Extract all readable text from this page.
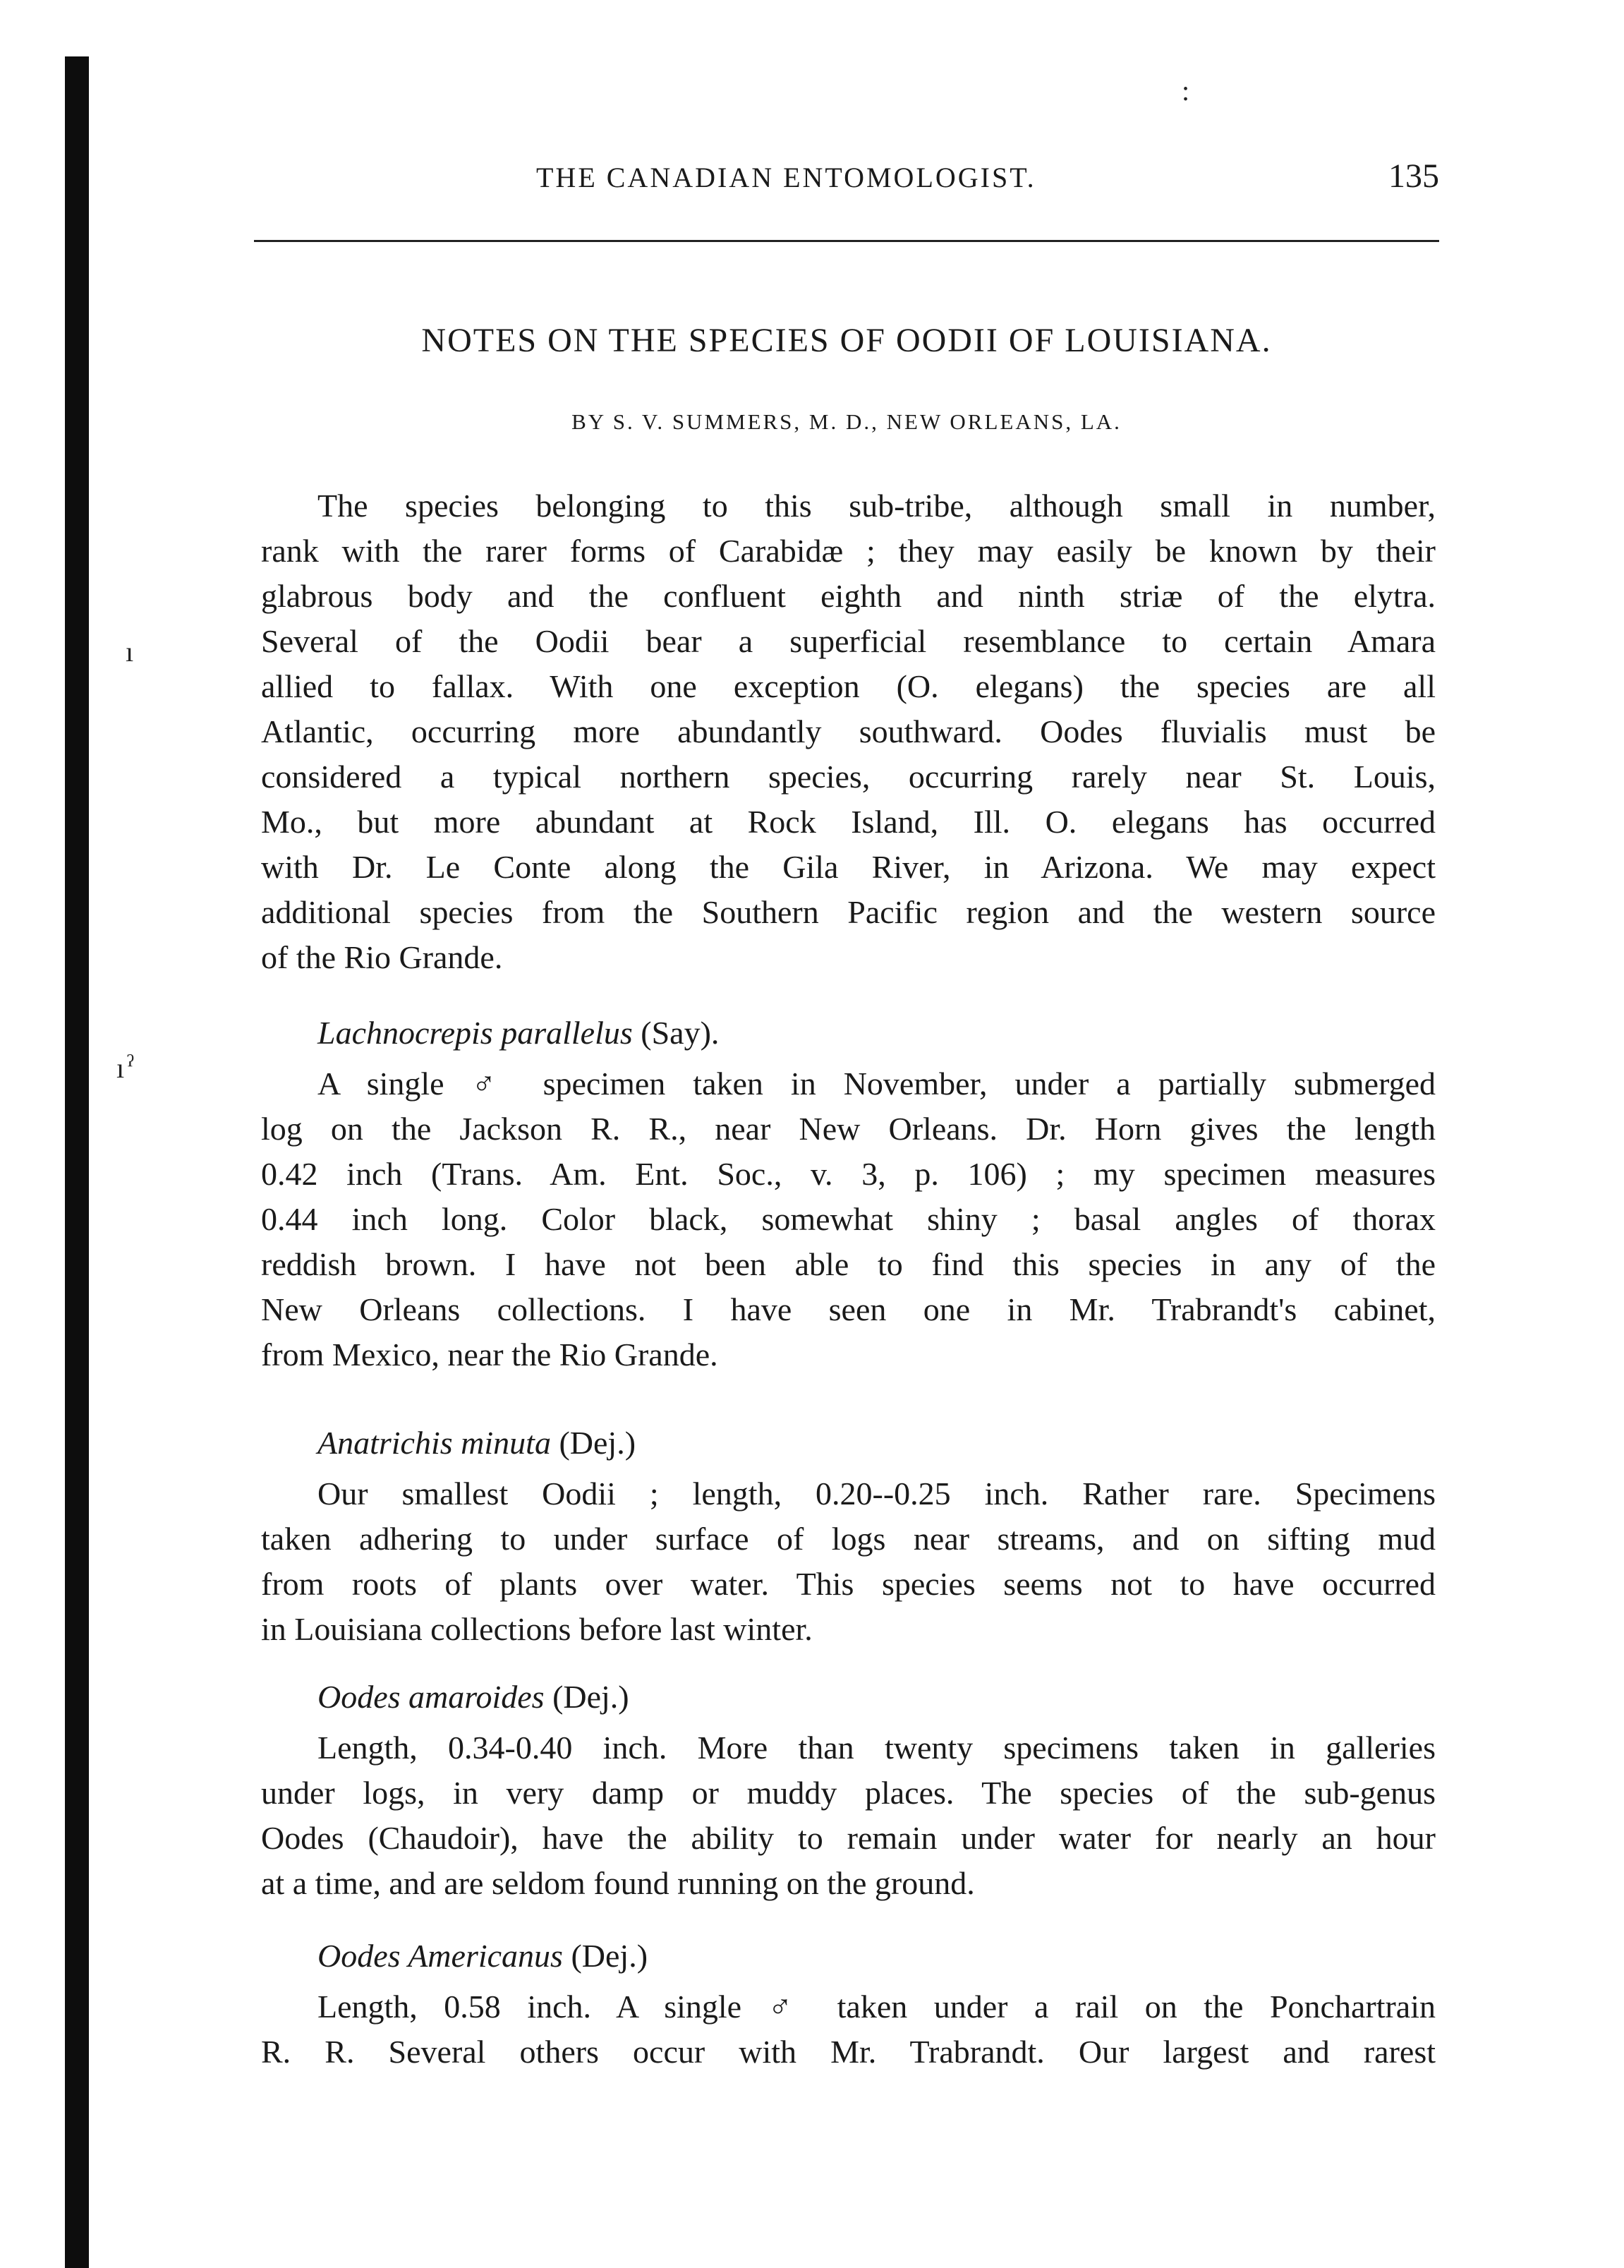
:
ı
ı ˀ
THE CANADIAN ENTOMOLOGIST.	135
NOTES ON THE SPECIES OF OODII OF LOUISIANA.
BY S. V. SUMMERS, M. D., NEW ORLEANS, LA.
The species belonging to this sub-tribe, although small in number,
rank with the rarer forms of Carabidæ ; they may easily be known by their
glabrous body and the confluent eighth and ninth striæ of the elytra.
Several of the Oodii bear a superficial resemblance to certain Amara
allied to fallax. With one exception (O. elegans) the species are all
Atlantic, occurring more abundantly southward. Oodes fluvialis must be
considered a typical northern species, occurring rarely near St. Louis,
Mo., but more abundant at Rock Island, Ill. O. elegans has occurred
with Dr. Le Conte along the Gila River, in Arizona. We may expect
additional species from the Southern Pacific region and the western source
of the Rio Grande.
Lachnocrepis parallelus (Say).
A single ♂ specimen taken in November, under a partially submerged
log on the Jackson R. R., near New Orleans. Dr. Horn gives the length
0.42 inch (Trans. Am. Ent. Soc., v. 3, p. 106) ; my specimen measures
0.44 inch long. Color black, somewhat shiny ; basal angles of thorax
reddish brown. I have not been able to find this species in any of the
New Orleans collections. I have seen one in Mr. Trabrandt's cabinet,
from Mexico, near the Rio Grande.
Anatrichis minuta (Dej.)
Our smallest Oodii ; length, 0.20--0.25 inch. Rather rare. Specimens
taken adhering to under surface of logs near streams, and on sifting mud
from roots of plants over water. This species seems not to have occurred
in Louisiana collections before last winter.
Oodes amaroides (Dej.)
Length, 0.34-0.40 inch. More than twenty specimens taken in galleries
under logs, in very damp or muddy places. The species of the sub-genus
Oodes (Chaudoir), have the ability to remain under water for nearly an hour
at a time, and are seldom found running on the ground.
Oodes Americanus (Dej.)
Length, 0.58 inch. A single ♂ taken under a rail on the Ponchartrain
R. R. Several others occur with Mr. Trabrandt. Our largest and rarest
